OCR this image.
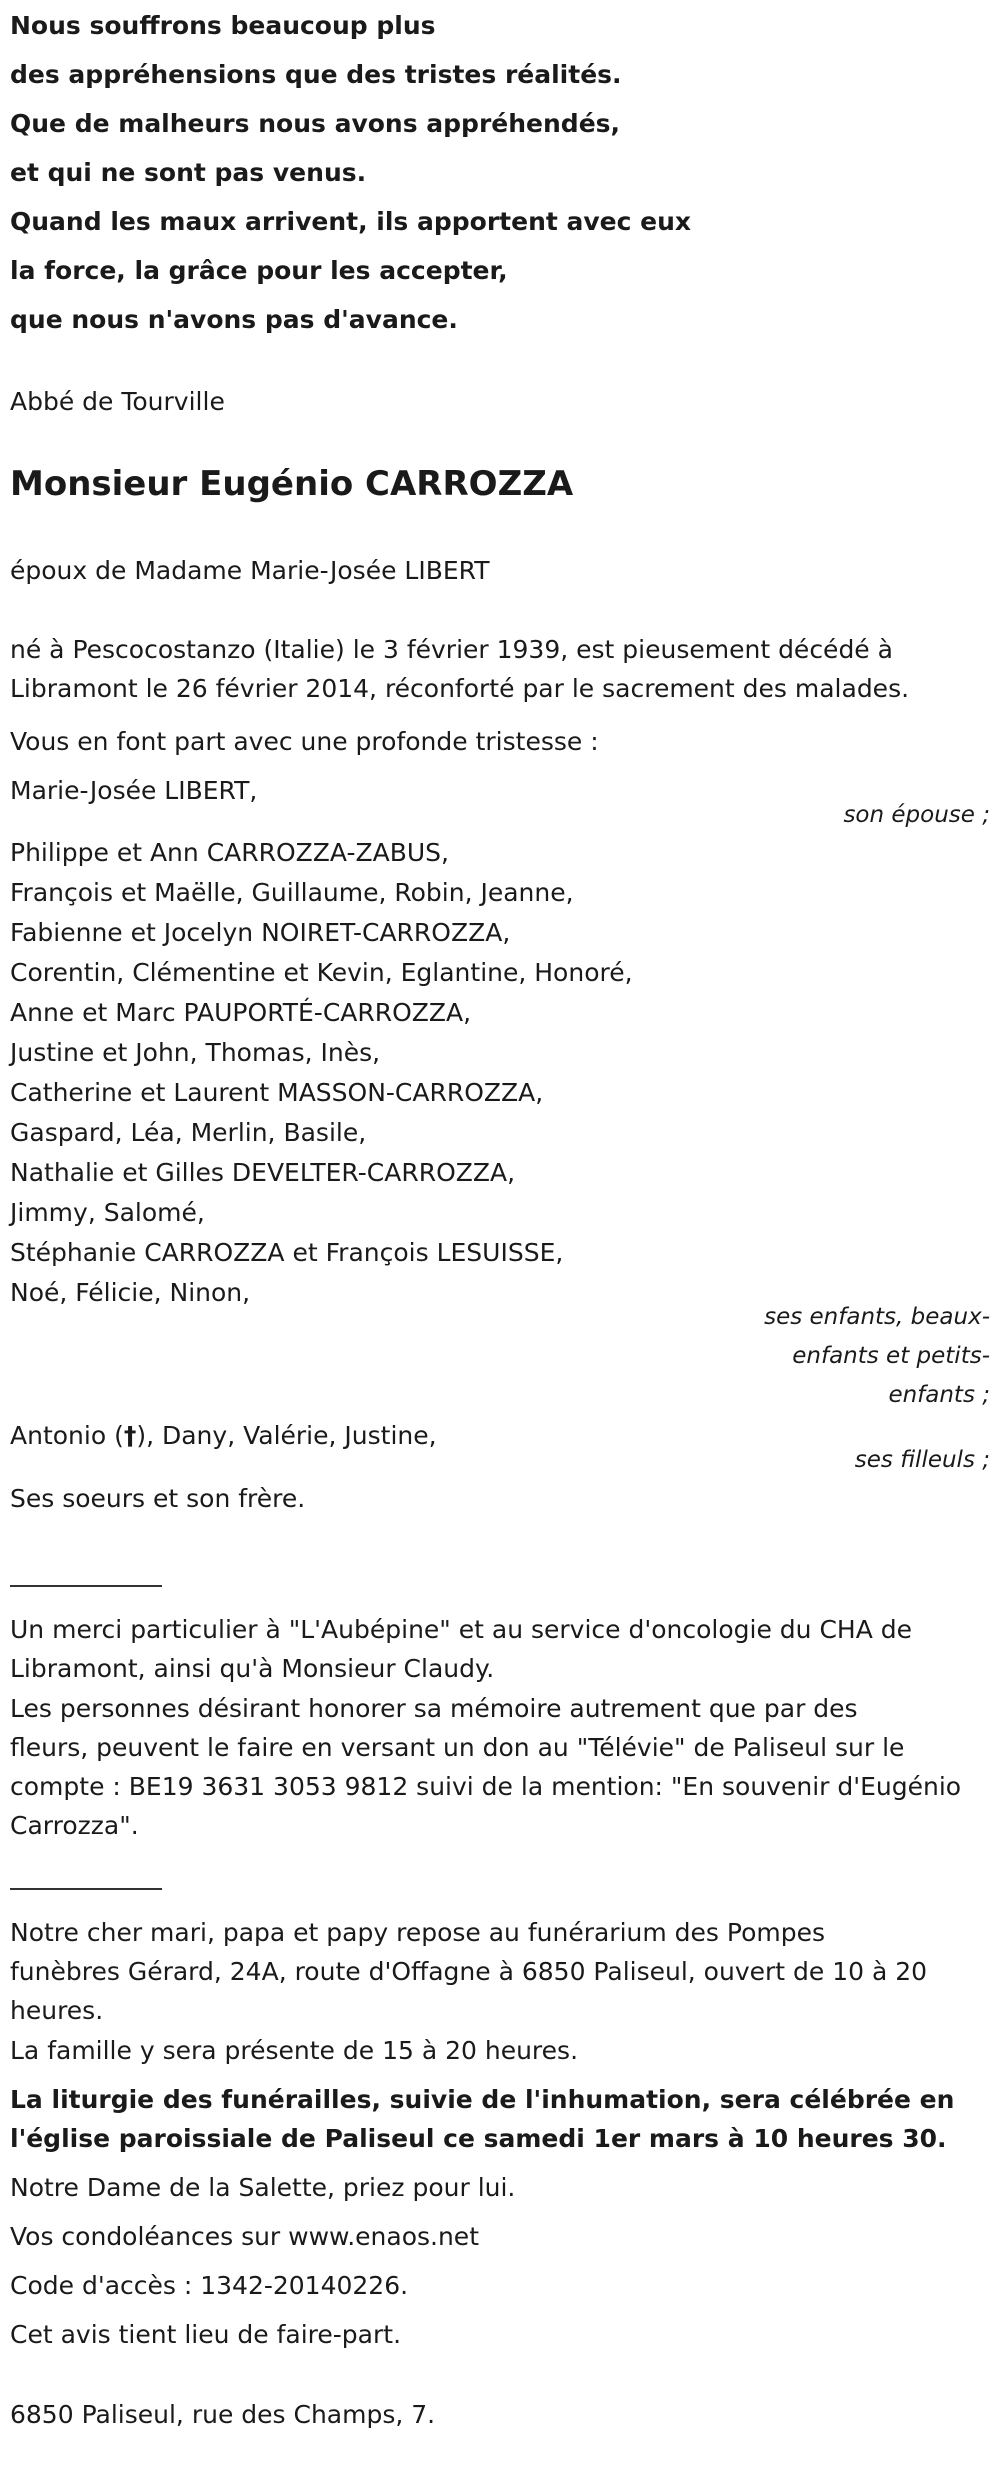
Nous souffrons beaucoup plus
des appréhensions que des tristes réalités.
Que de malheurs nous avons appréhendés,
et qui ne sont pas venus.
Quand les maux arrivent, ils apportent avec eux
la force, la grâce pour les accepter,
que nous n'avons pas d'avance.
Abbé de Tourville
Monsieur Eugénio CARROZZA
époux de Madame Marie-Josée LIBERT
né à Pescocostanzo (Italie) le 3 février 1939, est pieusement décédé à
Libramont le 26 février 2014, réconforté par le sacrement des malades.
Vous en font part avec une profonde tristesse :
Marie-Josée LIBERT,
son épouse ;
Philippe et Ann CARROZZA-ZABUS,
François et Maëlle, Guillaume, Robin, Jeanne,
Fabienne et Jocelyn NOIRET-CARROZZA,
Corentin, Clémentine et Kevin, Eglantine, Honoré,
Anne et Marc PAUPORTÉ-CARROZZA,
Justine et John, Thomas, Inès,
Catherine et Laurent MASSON-CARROZZA,
Gaspard, Léa, Merlin, Basile,
Nathalie et Gilles DEVELTER-CARROZZA,
Jimmy, Salomé,
Stéphanie CARROZZA et François LESUISSE,
Noé, Félicie, Ninon,
ses enfants, beaux-
enfants et petits-
enfants ;
Antonio (†), Dany, Valérie, Justine,
ses filleuls ;
Ses soeurs et son frère.
Un merci particulier à "L'Aubépine" et au service d'oncologie du CHA de
Libramont, ainsi qu'à Monsieur Claudy.
Les personnes désirant honorer sa mémoire autrement que par des
fleurs, peuvent le faire en versant un don au "Télévie" de Paliseul sur le
compte : BE19 3631 3053 9812 suivi de la mention: "En souvenir d'Eugénio
Carrozza".
Notre cher mari, papa et papy repose au funérarium des Pompes
funèbres Gérard, 24A, route d'Offagne à 6850 Paliseul, ouvert de 10 à 20
heures.
La famille y sera présente de 15 à 20 heures.
La liturgie des funérailles, suivie de l'inhumation, sera célébrée en
l'église paroissiale de Paliseul ce samedi 1er mars à 10 heures 30.
Notre Dame de la Salette, priez pour lui.
Vos condoléances sur www.enaos.net
Code d'accès : 1342-20140226.
Cet avis tient lieu de faire-part.
6850 Paliseul, rue des Champs, 7.
